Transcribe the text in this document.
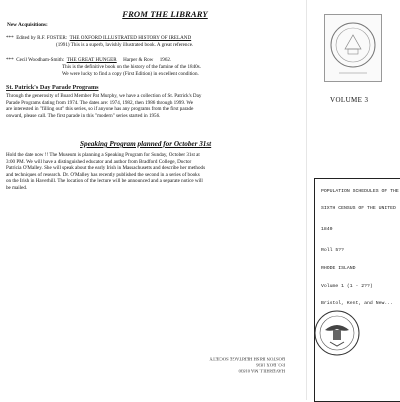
FROM THE LIBRARY
New Acquisitions:
*** Edited by R.F. FOSTER: THE OXFORD ILLUSTRATED HISTORY OF IRELAND
(1991) This is a superb, lavishly illustrated book. A great reference.
*** Cecil Woodham-Smith: THE GREAT HUNGER Harper & Row 1962.
This is the definitive book on the history of the famine of the 1840s.
We were lucky to find a copy (First Edition) in excellent condition.
St. Patrick's Day Parade Programs
Through the generosity of Board Member Pat Murphy, we have a collection of St. Patrick's Day
Parade Programs dating from 1974. The dates are: 1974, 1982, then 1986 through 1999. We
are interested in "filling out" this series, so if anyone has any programs from the first parade
onward, please call. The first parade in this "modern" series started in 1956.
Speaking Program planned for October 31st
Hold the date now !! The Museum is planning a Speaking Program for Sunday, October 31st at
3:00 PM. We will have a distinguished educator and author from Bradford College, Doctor
Patricia O'Malley. She will speak about the early Irish in Massachusetts and describe her methods
and techniques of research. Dr. O'Malley has recently published the second in a series of books
on the Irish in Haverhill. The location of the lecture will be announced and a separate notice will
be mailed.
HAVERHILL MA 01830
P.O. BOX 1836
BOSTON IRISH HERITAGE SOCIETY
VOLUME 3
POPULATION SCHEDULES OF THE
SIXTH CENSUS OF THE UNITED
1840
Roll 5??
RHODE ISLAND
Volume 1 (1 - 2??)
Bristol, Kent, and New...
